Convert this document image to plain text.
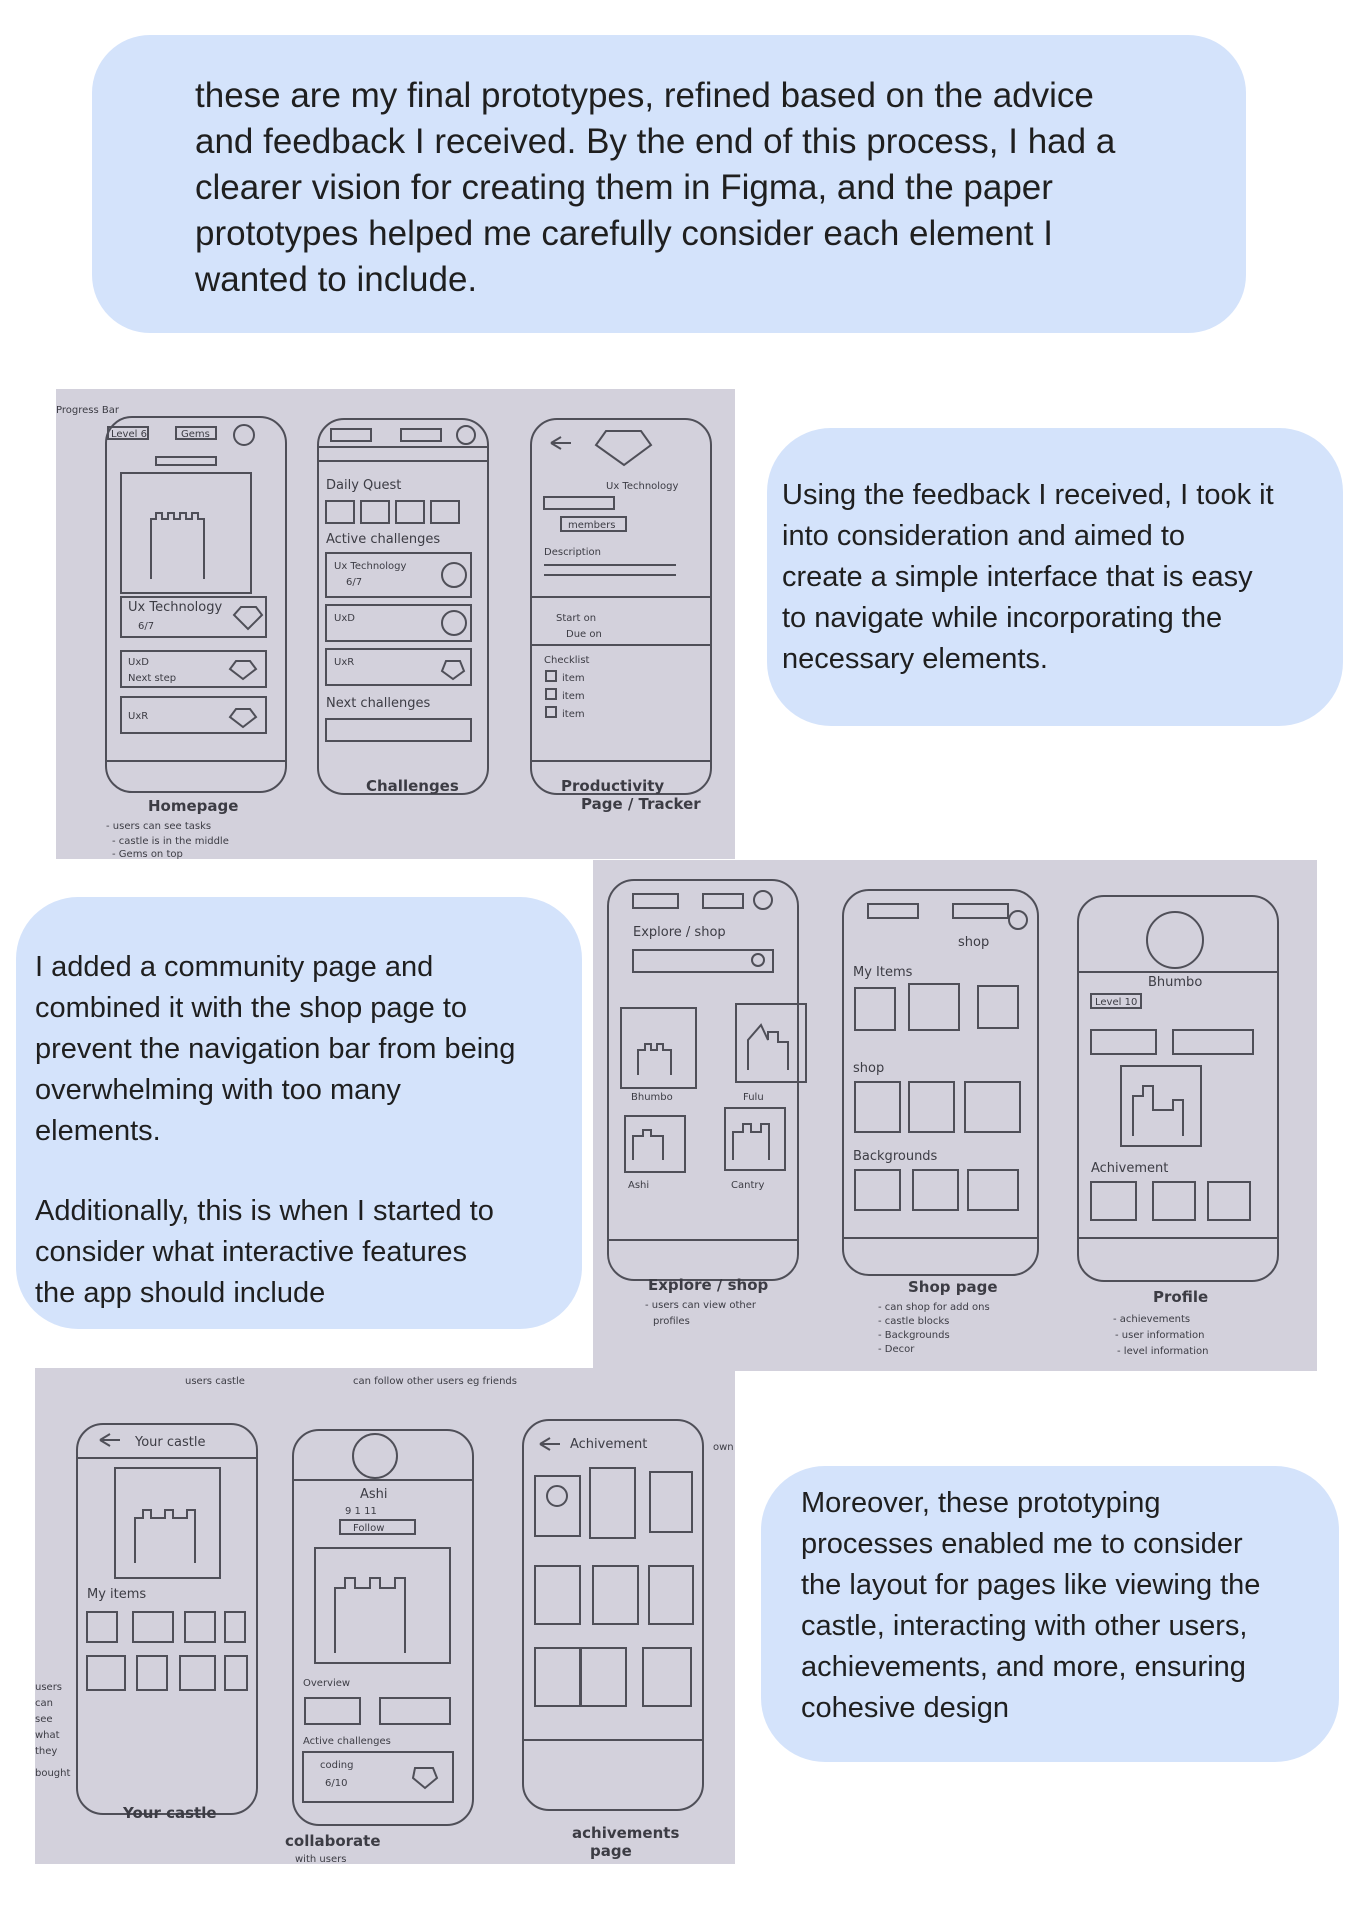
these are my final prototypes, refined based on the advice
and feedback I received. By the end of this process, I had a
clearer vision for creating them in Figma, and the paper
prototypes helped me carefully consider each element I
wanted to include.

Progress Bar
Level 6	Gems
Ux Technology
6/7
UxD
Next step
UxR
Homepage
- users can see tasks
- castle is in the middle
- Gems on top
Daily Quest
Active challenges
Ux Technology
6/7
UxD
UxR
Next challenges
Challenges
Ux Technology
members
Description
Start on
Due on
Checklist
item
item
item
Productivity
Page / Tracker

Using the feedback I received, I took it
into consideration and aimed to
create a simple interface that is easy
to navigate while incorporating the
necessary elements.

Explore / shop
Bhumbo	Fulu
Ashi	Cantry
Explore / shop
- users can view other
profiles
shop
My Items
shop
Backgrounds
Shop page
- can shop for add ons
- castle blocks
- Backgrounds
- Decor
Bhumbo
Level 10
Achivement
Profile
- achievements
- user information
- level information

I added a community page and
combined it with the shop page to
prevent the navigation bar from being
overwhelming with too many
elements.

Additionally, this is when I started to
consider what interactive features
the app should include

users castle	can follow other users eg friends
Your castle
My items
users
can
see
what
they
bought
Your castle
Ashi
9 1 11
Follow
Overview
Active challenges
coding
6/10
collaborate
with users
Achivement	own
achivements
page

Moreover, these prototyping
processes enabled me to consider
the layout for pages like viewing the
castle, interacting with other users,
achievements, and more, ensuring
cohesive design
